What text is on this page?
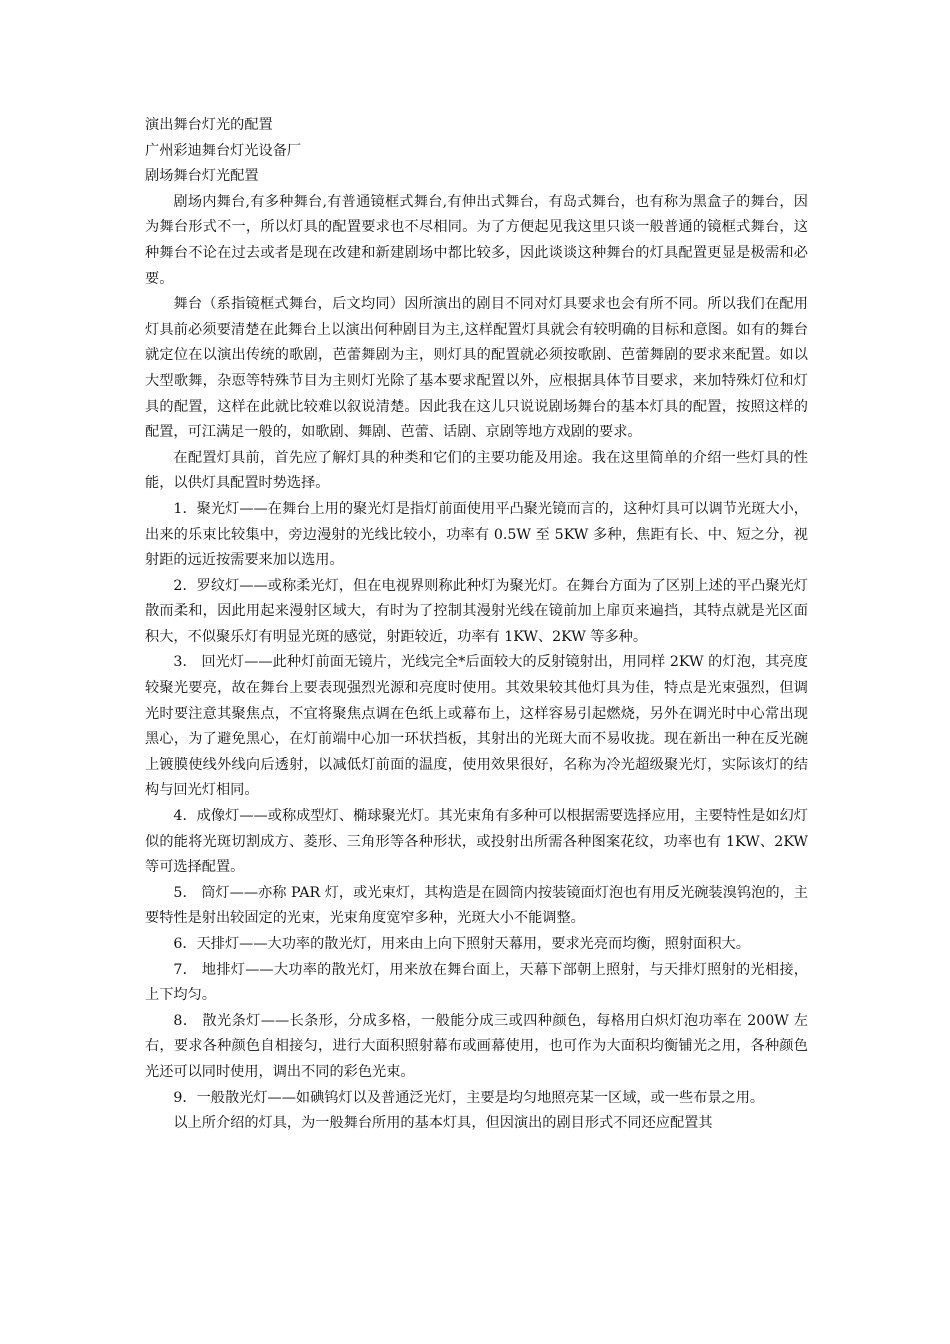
演出舞台灯光的配置

广州彩迪舞台灯光设备厂

剧场舞台灯光配置

剧场内舞台,有多种舞台,有普通镜框式舞台,有伸出式舞台，有岛式舞台，也有称为黑盒子的舞台，因为舞台形式不一，所以灯具的配置要求也不尽相同。为了方便起见我这里只谈一般普通的镜框式舞台，这种舞台不论在过去或者是现在改建和新建剧场中都比较多，因此谈谈这种舞台的灯具配置更显是极需和必要。

舞台（系指镜框式舞台，后文均同）因所演出的剧目不同对灯具要求也会有所不同。所以我们在配用灯具前必须要清楚在此舞台上以演出何种剧目为主,这样配置灯具就会有较明确的目标和意图。如有的舞台就定位在以演出传统的歌剧，芭蕾舞剧为主，则灯具的配置就必须按歌剧、芭蕾舞剧的要求来配置。如以大型歌舞，杂恧等特殊节目为主则灯光除了基本要求配置以外，应根据具体节目要求，来加特殊灯位和灯具的配置，这样在此就比较难以叙说清楚。因此我在这儿只说说剧场舞台的基本灯具的配置，按照这样的配置，可江满足一般的，如歌剧、舞剧、芭蕾、话剧、京剧等地方戏剧的要求。

在配置灯具前，首先应了解灯具的种类和它们的主要功能及用途。我在这里简单的介绍一些灯具的性能，以供灯具配置时势选择。

1．聚光灯——在舞台上用的聚光灯是指灯前面使用平凸聚光镜而言的，这种灯具可以调节光斑大小，出来的乐束比较集中，旁边漫射的光线比较小，功率有 0.5W 至 5KW 多种，焦距有长、中、短之分，视射距的远近按需要来加以选用。

2．罗纹灯——或称柔光灯，但在电视界则称此种灯为聚光灯。在舞台方面为了区别上述的平凸聚光灯散而柔和，因此用起来漫射区域大，有时为了控制其漫射光线在镜前加上扉页来遍挡，其特点就是光区面积大，不似聚乐灯有明显光斑的感觉，射距较近，功率有 1KW、2KW 等多种。

3． 回光灯——此种灯前面无镜片，光线完全*后面较大的反射镜射出，用同样 2KW 的灯泡，其亮度较聚光要亮，故在舞台上要表现强烈光源和亮度时使用。其效果较其他灯具为佳，特点是光束强烈，但调光时要注意其聚焦点，不宜将聚焦点调在色纸上或幕布上，这样容易引起燃烧，另外在调光时中心常出现黑心，为了避免黑心，在灯前端中心加一环状挡板，其射出的光斑大而不易收拢。现在新出一种在反光碗上镀膜使线外线向后透射，以减低灯前面的温度，使用效果很好，名称为冷光超级聚光灯，实际该灯的结构与回光灯相同。

4．成像灯——或称成型灯、椭球聚光灯。其光束角有多种可以根据需要选择应用，主要特性是如幻灯似的能将光斑切割成方、菱形、三角形等各种形状，或投射出所需各种图案花纹，功率也有 1KW、2KW 等可选择配置。

5． 筒灯——亦称 PAR 灯，或光束灯，其构造是在圆筒内按装镜面灯泡也有用反光碗装溴钨泡的，主要特性是射出较固定的光束，光束角度宽窄多种，光斑大小不能调整。

6．天排灯——大功率的散光灯，用来由上向下照射天幕用，要求光亮而均衡，照射面积大。

7． 地排灯——大功率的散光灯，用来放在舞台面上，天幕下部朝上照射，与天排灯照射的光相接，上下均匀。

8． 散光条灯——长条形，分成多格，一般能分成三或四种颜色，每格用白炽灯泡功率在 200W 左右，要求各种颜色自相接匀，进行大面积照射幕布或画幕使用，也可作为大面积均衡铺光之用，各种颜色光还可以同时使用，调出不同的彩色光束。

9．一般散光灯——如碘钨灯以及普通泛光灯，主要是均匀地照亮某一区域，或一些布景之用。

以上所介绍的灯具，为一般舞台所用的基本灯具，但因演出的剧目形式不同还应配置其
